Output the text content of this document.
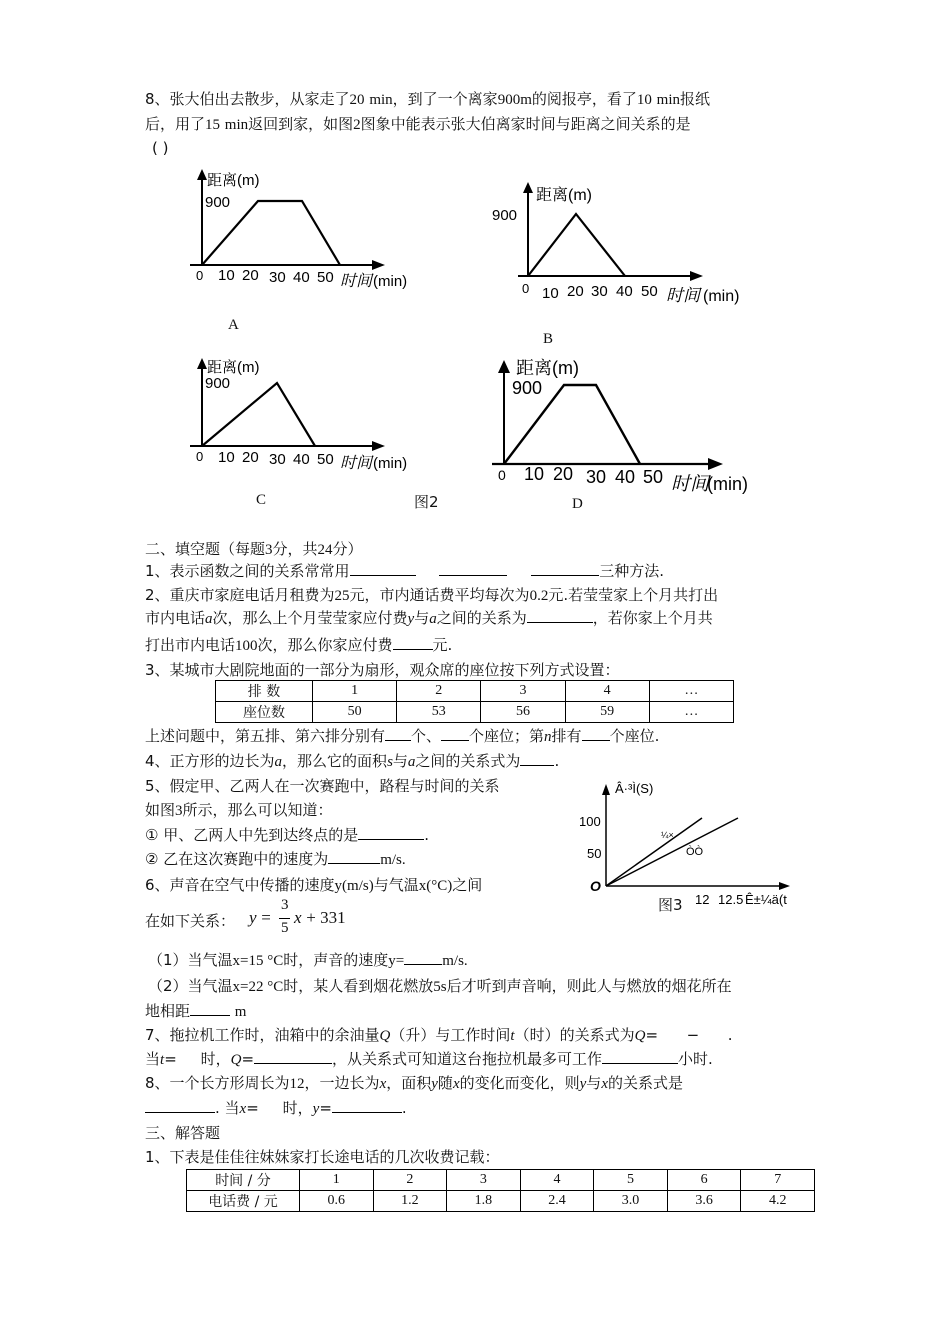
8、张大伯出去散步，从家走了20 min，到了一个离家900m的阅报亭，看了10 min报纸
后，用了15 min返回到家，如图2图象中能表示张大伯离家时间与距离之间关系的是
( )
距离(m)
900
0 10 20 30 40 50 时间 (min)
A
距离(m)
900
0 10 20 30 40 50 时间 (min)
B
距离(m)
900
0 10 20 30 40 50 时间 (min)
C
距离(m)
900
0 10 20 30 40 50 时间
(min)
D
图2
二、填空题（每题3分，共24分）
1、表示函数之间的关系常常用	三种方法.
2、重庆市家庭电话月租费为25元，市内通话费平均每次为0.2元.若莹莹家上个月共打出
市内电话a次，那么上个月莹莹家应付费y与a之间的关系为	，若你家上个月共
打出市内电话100次，那么你家应付费	元.
3、某城市大剧院地面的一部分为扇形，观众席的座位按下列方式设置：
排 数	1	2	3	4	…
座位数	50	53	56	59	…
上述问题中，第五排、第六排分别有 个、 个座位；第n排有 个座位.
4、正方形的边长为a，那么它的面积s与a之间的关系式为 .
5、假定甲、乙两人在一次赛跑中，路程与时间的关系
如图3所示，那么可以知道：
① 甲、乙两人中先到达终点的是	.
② 乙在这次赛跑中的速度为	m/s.
Â·³Ì(S)
100
50
O
¼×
ÒÒ
12 12.5 Ê±¼ä(t
图3
6、声音在空气中传播的速度y(m/s)与气温x(°C)之间
在如下关系： y =
3
5
x + 331
（1）当气温x=15 °C时，声音的速度y=	m/s.
（2）当气温x=22 °C时，某人看到烟花燃放5s后才听到声音响，则此人与燃放的烟花所在
地相距	m
7、拖拉机工作时，油箱中的余油量Q（升）与工作时间t（时）的关系式为Q=      −      .
当t=     时，Q=	，从关系式可知道这台拖拉机最多可工作	小时.
8、一个长方形周长为12，一边长为x，面积y随x的变化而变化，则y与x的关系式是
. 当x=     时，y=	.
三、解答题
1、下表是佳佳往妹妹家打长途电话的几次收费记载：
时间 / 分	1	2	3	4	5	6	7
电话费 / 元	0.6	1.2	1.8	2.4	3.0	3.6	4.2
